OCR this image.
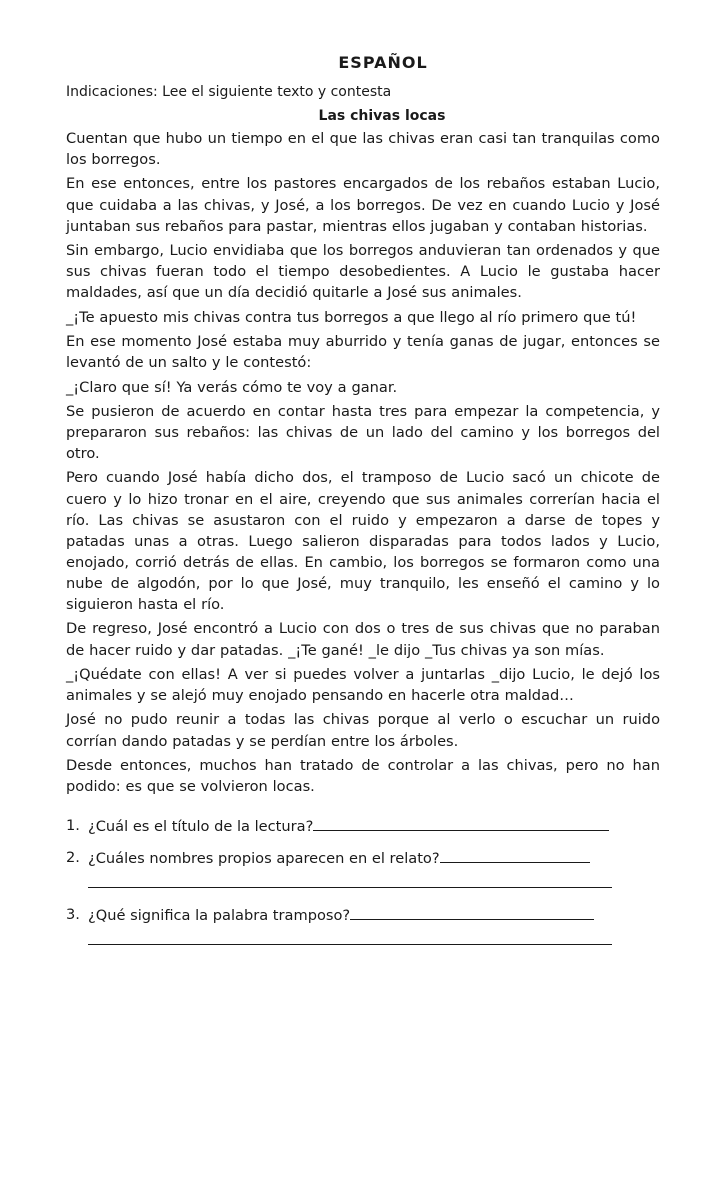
ESPAÑOL
Indicaciones: Lee el siguiente texto y contesta
Las chivas locas

Cuentan que hubo un tiempo en el que las chivas eran casi tan tranquilas como los borregos.

En ese entonces, entre los pastores encargados de los rebaños estaban Lucio, que cuidaba a las chivas, y José, a los borregos. De vez en cuando Lucio y José juntaban sus rebaños para pastar, mientras ellos jugaban y contaban historias.

Sin embargo, Lucio envidiaba que los borregos anduvieran tan ordenados y que sus chivas fueran todo el tiempo desobedientes. A Lucio le gustaba hacer maldades, así que un día decidió quitarle a José sus animales.

_¡Te apuesto mis chivas contra tus borregos a que llego al río primero que tú!

En ese momento José estaba muy aburrido y tenía ganas de jugar, entonces se levantó de un salto y le contestó:

_¡Claro que sí! Ya verás cómo te voy a ganar.

Se pusieron de acuerdo en contar hasta tres para empezar la competencia, y prepararon sus rebaños: las chivas de un lado del camino y los borregos del otro.

Pero cuando José había dicho dos, el tramposo de Lucio sacó un chicote de cuero y lo hizo tronar en el aire, creyendo que sus animales correrían hacia el río. Las chivas se asustaron con el ruido y empezaron a darse de topes y patadas unas a otras. Luego salieron disparadas para todos lados y Lucio, enojado, corrió detrás de ellas. En cambio, los borregos se formaron como una nube de algodón, por lo que José, muy tranquilo, les enseñó el camino y lo siguieron hasta el río.

De regreso, José encontró a Lucio con dos o tres de sus chivas que no paraban de hacer ruido y dar patadas. _¡Te gané! _le dijo _Tus chivas ya son mías.

_¡Quédate con ellas! A ver si puedes volver a juntarlas _dijo Lucio, le dejó los animales y se alejó muy enojado pensando en hacerle otra maldad…

José no pudo reunir a todas las chivas porque al verlo o escuchar un ruido corrían dando patadas y se perdían entre los árboles.

Desde entonces, muchos han tratado de controlar a las chivas, pero no han podido: es que se volvieron locas.

1. ¿Cuál es el título de la lectura?
2. ¿Cuáles nombres propios aparecen en el relato?
3. ¿Qué significa la palabra tramposo?
